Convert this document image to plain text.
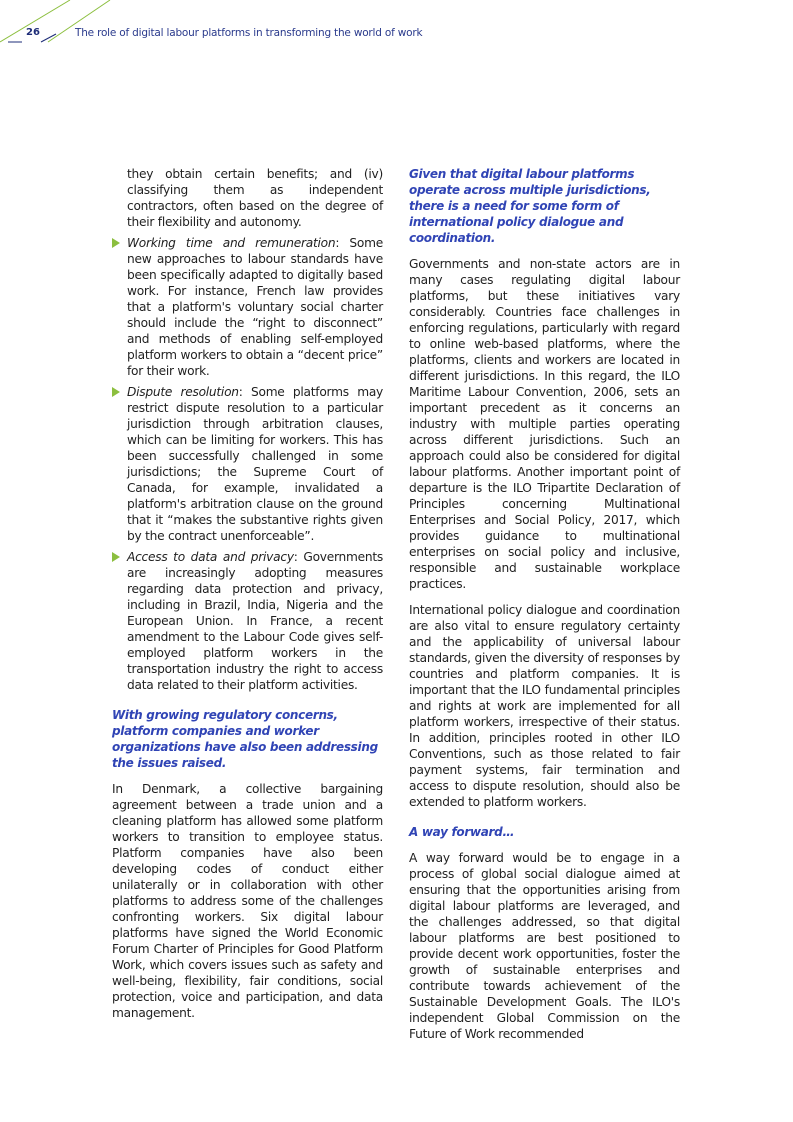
26	The role of digital labour platforms in transforming the world of work

they obtain certain benefits; and (iv) classifying them as independent contractors, often based on the degree of their flexibility and autonomy.

Working time and remuneration: Some new approaches to labour standards have been specifically adapted to digitally based work. For instance, French law provides that a platform's voluntary social charter should include the “right to disconnect” and methods of enabling self-employed platform workers to obtain a “decent price” for their work.
Dispute resolution: Some platforms may restrict dispute resolution to a particular jurisdiction through arbitration clauses, which can be limiting for workers. This has been successfully challenged in some jurisdictions; the Supreme Court of Canada, for example, invalidated a platform's arbitration clause on the ground that it “makes the substantive rights given by the contract unenforceable”.
Access to data and privacy: Governments are increasingly adopting measures regarding data protection and privacy, including in Brazil, India, Nigeria and the European Union. In France, a recent amendment to the Labour Code gives self-employed platform workers in the transportation industry the right to access data related to their platform activities.

With growing regulatory concerns, platform companies and worker organizations have also been addressing the issues raised.

In Denmark, a collective bargaining agreement between a trade union and a cleaning platform has allowed some platform workers to transition to employee status. Platform companies have also been developing codes of conduct either unilaterally or in collaboration with other platforms to address some of the challenges confronting workers. Six digital labour platforms have signed the World Economic Forum Charter of Principles for Good Platform Work, which covers issues such as safety and well-being, flexibility, fair conditions, social protection, voice and participation, and data management.

Given that digital labour platforms operate across multiple jurisdictions, there is a need for some form of international policy dialogue and coordination.

Governments and non-state actors are in many cases regulating digital labour platforms, but these initiatives vary considerably. Countries face challenges in enforcing regulations, particularly with regard to online web-based platforms, where the platforms, clients and workers are located in different jurisdictions. In this regard, the ILO Maritime Labour Convention, 2006, sets an important precedent as it concerns an industry with multiple parties operating across different jurisdictions. Such an approach could also be considered for digital labour platforms. Another important point of departure is the ILO Tripartite Declaration of Principles concerning Multinational Enterprises and Social Policy, 2017, which provides guidance to multinational enterprises on social policy and inclusive, responsible and sustainable workplace practices.

International policy dialogue and coordination are also vital to ensure regulatory certainty and the applicability of universal labour standards, given the diversity of responses by countries and platform companies. It is important that the ILO fundamental principles and rights at work are implemented for all platform workers, irrespective of their status. In addition, principles rooted in other ILO Conventions, such as those related to fair payment systems, fair termination and access to dispute resolution, should also be extended to platform workers.

A way forward…

A way forward would be to engage in a process of global social dialogue aimed at ensuring that the opportunities arising from digital labour platforms are leveraged, and the challenges addressed, so that digital labour platforms are best positioned to provide decent work opportunities, foster the growth of sustainable enterprises and contribute towards achievement of the Sustainable Development Goals. The ILO's independent Global Commission on the Future of Work recommended
